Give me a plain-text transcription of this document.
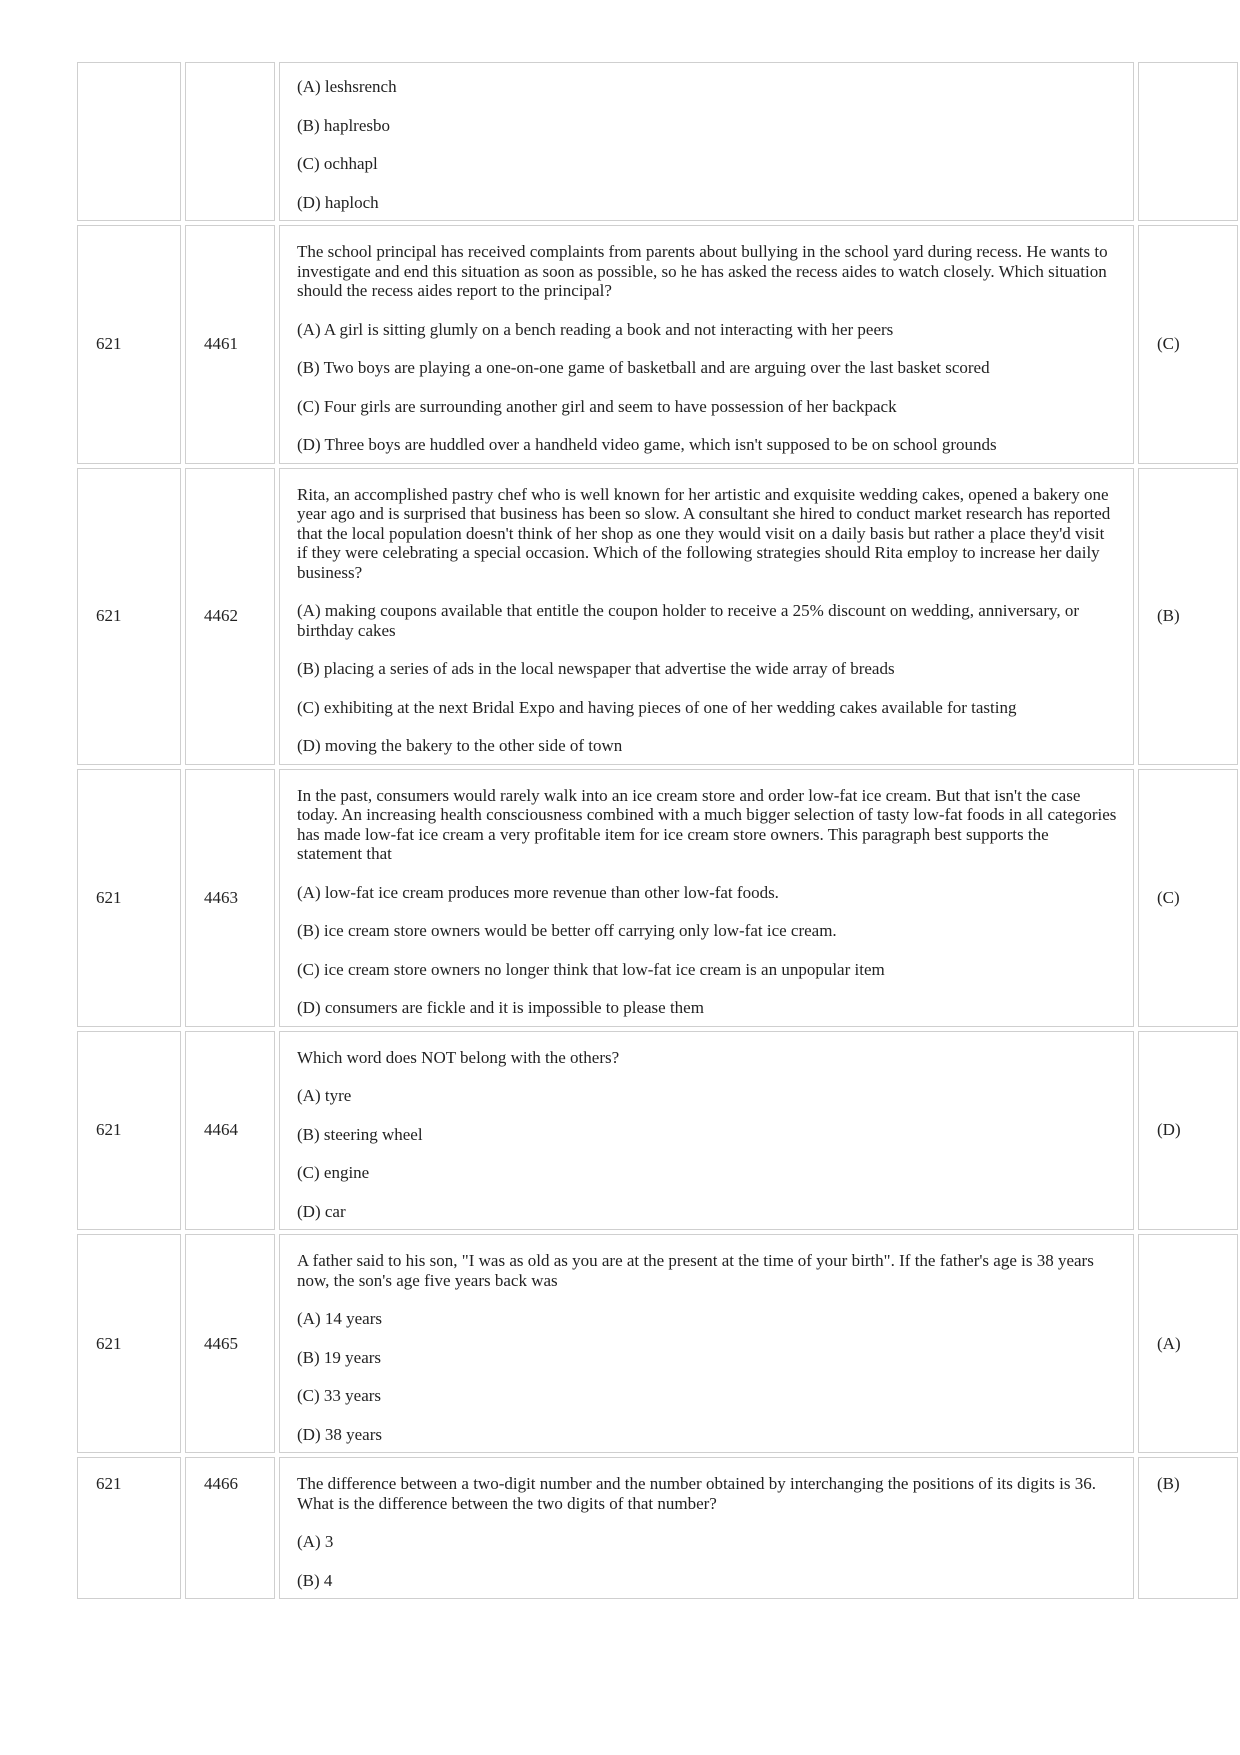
		(A) leshsrench

(B) haplresbo

(C) ochhapl

(D) haploch	

621	4461	The school principal has received complaints from parents about bullying in the school yard during recess. He wants to investigate and end this situation as soon as possible, so he has asked the recess aides to watch closely. Which situation should the recess aides report to the principal?

(A) A girl is sitting glumly on a bench reading a book and not interacting with her peers

(B) Two boys are playing a one-on-one game of basketball and are arguing over the last basket scored

(C) Four girls are surrounding another girl and seem to have possession of her backpack

(D) Three boys are huddled over a handheld video game, which isn't supposed to be on school grounds	(C)
621	4462	Rita, an accomplished pastry chef who is well known for her artistic and exquisite wedding cakes, opened a bakery one year ago and is surprised that business has been so slow. A consultant she hired to conduct market research has reported that the local population doesn't think of her shop as one they would visit on a daily basis but rather a place they'd visit if they were celebrating a special occasion. Which of the following strategies should Rita employ to increase her daily business?

(A) making coupons available that entitle the coupon holder to receive a 25% discount on wedding, anniversary, or birthday cakes

(B) placing a series of ads in the local newspaper that advertise the wide array of breads

(C) exhibiting at the next Bridal Expo and having pieces of one of her wedding cakes available for tasting

(D) moving the bakery to the other side of town	(B)
621	4463	In the past, consumers would rarely walk into an ice cream store and order low-fat ice cream. But that isn't the case today. An increasing health consciousness combined with a much bigger selection of tasty low-fat foods in all categories has made low-fat ice cream a very profitable item for ice cream store owners. This paragraph best supports the statement that

(A) low-fat ice cream produces more revenue than other low-fat foods.

(B) ice cream store owners would be better off carrying only low-fat ice cream.

(C) ice cream store owners no longer think that low-fat ice cream is an unpopular item

(D) consumers are fickle and it is impossible to please them	(C)
621	4464	Which word does NOT belong with the others?

(A) tyre

(B) steering wheel

(C) engine

(D) car	(D)
621	4465	A father said to his son, "I was as old as you are at the present at the time of your birth". If the father's age is 38 years now, the son's age five years back was

(A) 14 years

(B) 19 years

(C) 33 years

(D) 38 years	(A)
621	4466	The difference between a two-digit number and the number obtained by interchanging the positions of its digits is 36. What is the difference between the two digits of that number?

(A) 3

(B) 4	(B)
